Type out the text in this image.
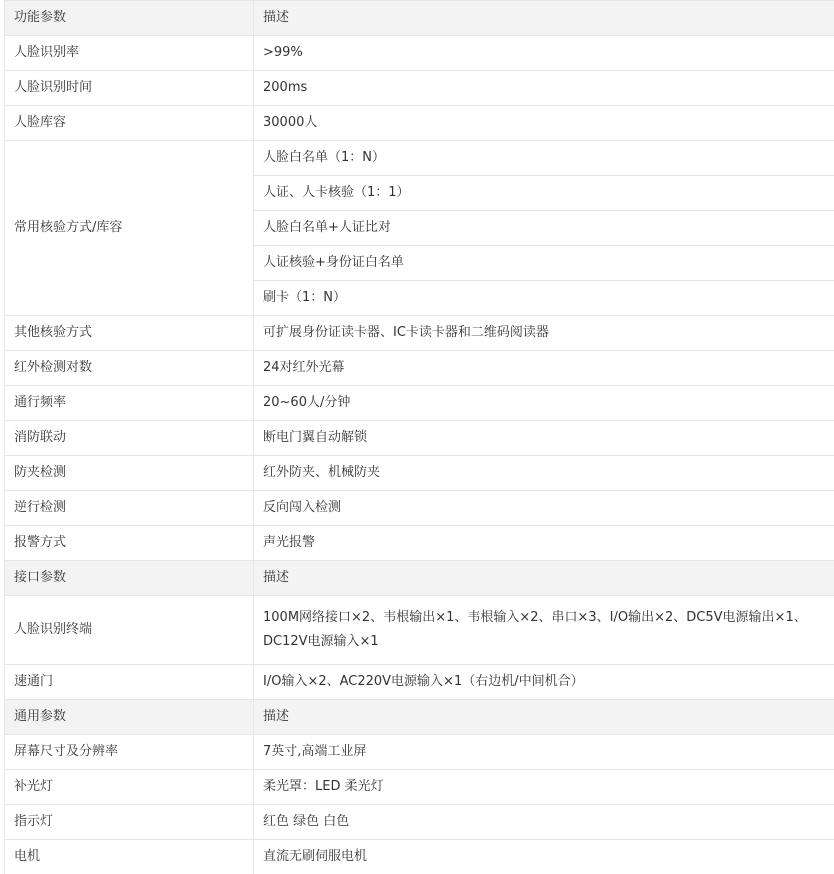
功能参数	描述
人脸识别率	>99%
人脸识别时间	200ms
人脸库容	30000人
常用核验方式/库容	人脸白名单（1：N）
	人证、人卡核验（1：1）
	人脸白名单+人证比对
	人证核验+身份证白名单
	刷卡（1：N）
其他核验方式	可扩展身份证读卡器、IC卡读卡器和二维码阅读器
红外检测对数	24对红外光幕
通行频率	20~60人/分钟
消防联动	断电门翼自动解锁
防夹检测	红外防夹、机械防夹
逆行检测	反向闯入检测
报警方式	声光报警
接口参数	描述
人脸识别终端	100M网络接口×2、韦根输出×1、韦根输入×2、串口×3、I/O输出×2、DC5V电源输出×1、DC12V电源输入×1
速通门	I/O输入×2、AC220V电源输入×1（右边机/中间机合）
通用参数	描述
屏幕尺寸及分辨率	7英寸,高端工业屏
补光灯	柔光罩：LED 柔光灯
指示灯	红色 绿色 白色
电机	直流无刷伺服电机
